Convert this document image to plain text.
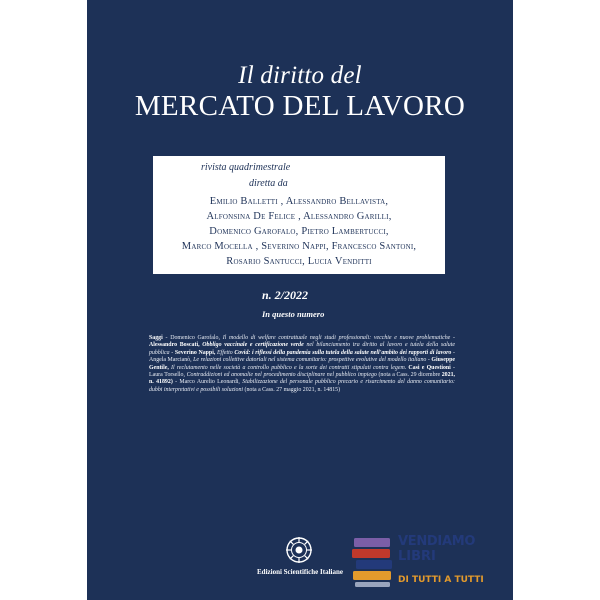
Il diritto del
MERCATO DEL LAVORO
rivista quadrimestrale
diretta da
Emilio Balletti , Alessandro Bellavista,
Alfonsina De Felice , Alessandro Garilli,
Domenico Garofalo, Pietro Lambertucci,
Marco Mocella , Severino Nappi, Francesco Santoni,
Rosario Santucci, Lucia Venditti
n. 2/2022
In questo numero
Saggi - Domenico Garofalo, Il modello di welfare contrattuale negli studi professionali: vecchie e nuove problematiche - Alessandro Boscati, Obbligo vaccinale e certificazione verde nel bilanciamento tra diritto al lavoro e tutela della salute pubblica - Severino Nappi, Effetto Covid: i riflessi della pandemia sulla tutela della salute nell'ambito dei rapporti di lavoro - Angela Marcianò, Le relazioni collettive datoriali nel sistema comunitario: prospettive evolutive del modello italiano - Giuseppe Gentile, Il reclutamento nelle società a controllo pubblico e la sorte dei contratti stipulati contra legem. Casi e Questioni - Laura Torsello, Contraddizioni ed anomalie nel procedimento disciplinare nel pubblico impiego (nota a Cass. 29 dicembre 2021, n. 41892) - Marco Aurelio Leonardi, Stabilizzazione del personale pubblico precario e risarcimento del danno comunitario: dubbi interpretativi e possibili soluzioni (nota a Cass. 27 maggio 2021, n. 14815)
Edizioni Scientifiche Italiane
VENDIAMO
LIBRI
DI TUTTI A TUTTI
